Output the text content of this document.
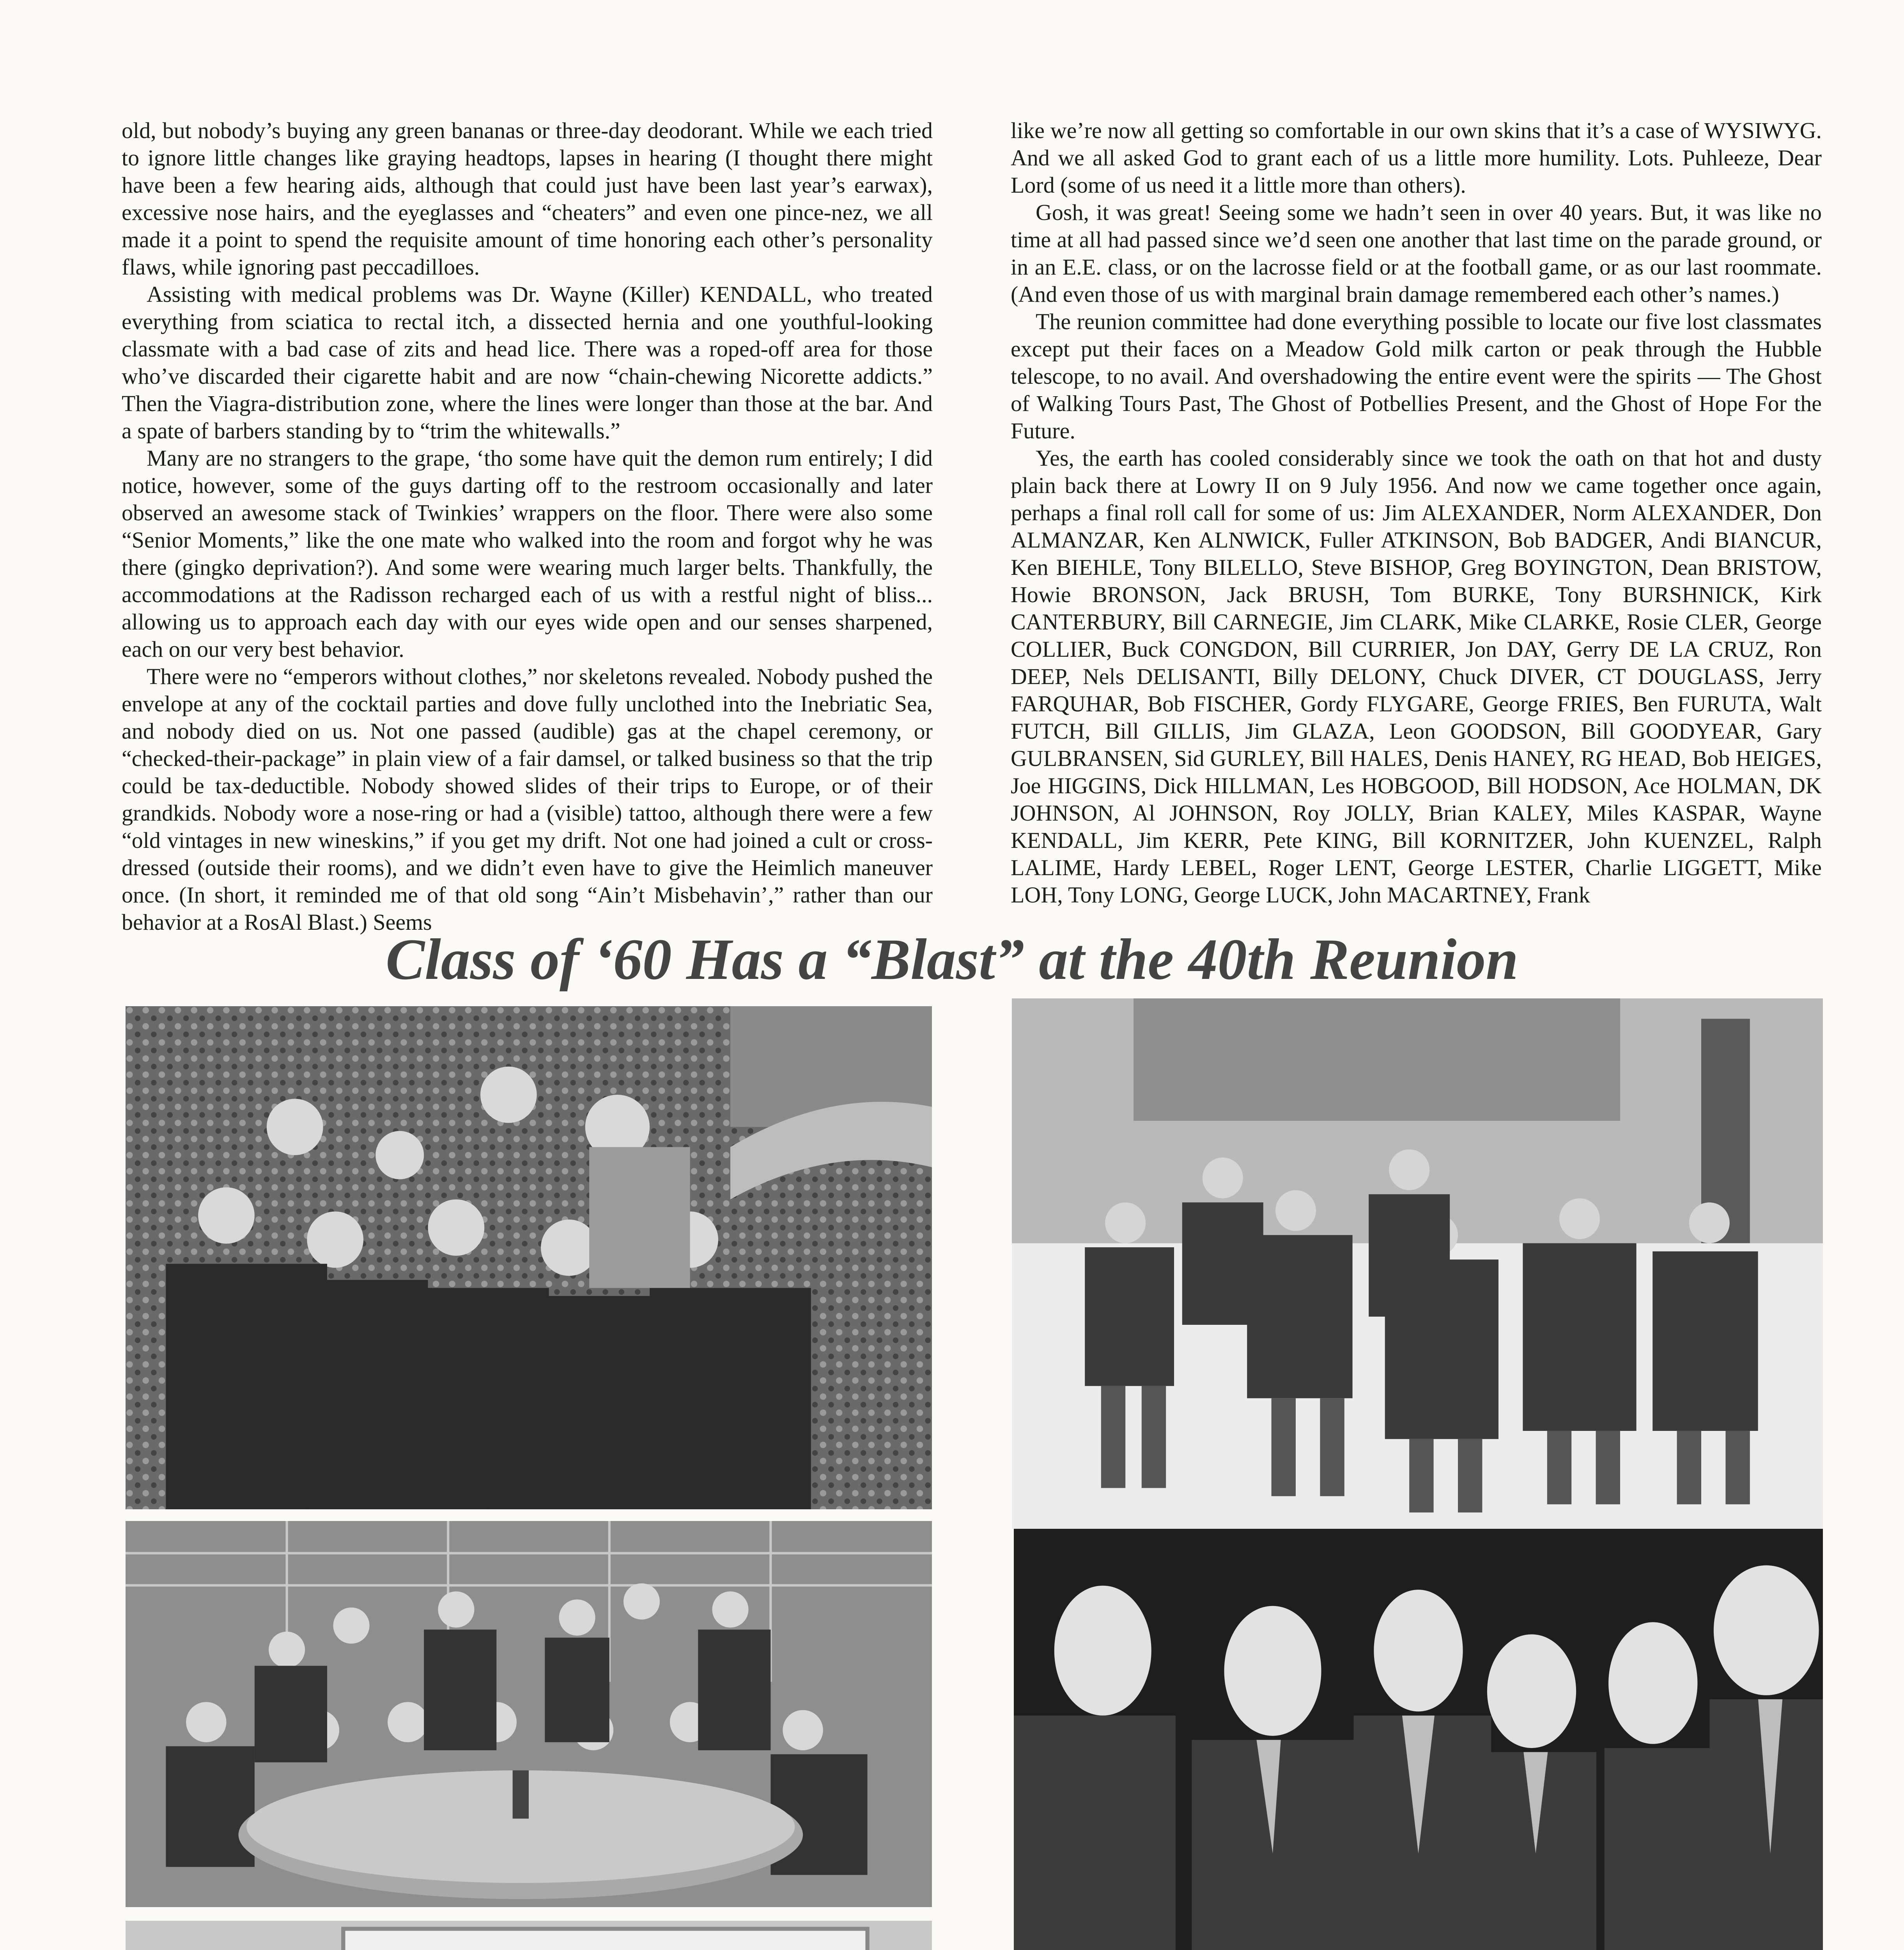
old, but nobody’s buying any green bananas or three-day deodorant. While we each tried to ignore little changes like graying headtops, lapses in hearing (I thought there might have been a few hearing aids, although that could just have been last year’s earwax), excessive nose hairs, and the eyeglasses and “cheaters” and even one pince-nez, we all made it a point to spend the requisite amount of time honoring each other’s personality flaws, while ignoring past peccadilloes.

Assisting with medical problems was Dr. Wayne (Killer) KENDALL, who treated everything from sciatica to rectal itch, a dissected hernia and one youthful-looking classmate with a bad case of zits and head lice. There was a roped-off area for those who’ve discarded their cigarette habit and are now “chain-chewing Nicorette addicts.” Then the Viagra-distribution zone, where the lines were longer than those at the bar. And a spate of barbers standing by to “trim the whitewalls.”

Many are no strangers to the grape, ‘tho some have quit the demon rum entirely; I did notice, however, some of the guys darting off to the restroom occasionally and later observed an awesome stack of Twinkies’ wrappers on the floor. There were also some “Senior Moments,” like the one mate who walked into the room and forgot why he was there (gingko deprivation?). And some were wearing much larger belts. Thankfully, the accommodations at the Radisson recharged each of us with a restful night of bliss... allowing us to approach each day with our eyes wide open and our senses sharpened, each on our very best behavior.

There were no “emperors without clothes,” nor skeletons revealed. Nobody pushed the envelope at any of the cocktail parties and dove fully unclothed into the Inebriatic Sea, and nobody died on us. Not one passed (audible) gas at the chapel ceremony, or “checked-their-package” in plain view of a fair damsel, or talked business so that the trip could be tax-deductible. Nobody showed slides of their trips to Europe, or of their grandkids. Nobody wore a nose-ring or had a (visible) tattoo, although there were a few “old vintages in new wineskins,” if you get my drift. Not one had joined a cult or cross-dressed (outside their rooms), and we didn’t even have to give the Heimlich maneuver once. (In short, it reminded me of that old song “Ain’t Misbehavin’,” rather than our behavior at a RosAl Blast.) Seems

like we’re now all getting so comfortable in our own skins that it’s a case of WYSIWYG. And we all asked God to grant each of us a little more humility. Lots. Puhleeze, Dear Lord (some of us need it a little more than others).

Gosh, it was great! Seeing some we hadn’t seen in over 40 years. But, it was like no time at all had passed since we’d seen one another that last time on the parade ground, or in an E.E. class, or on the lacrosse field or at the football game, or as our last roommate. (And even those of us with marginal brain damage remembered each other’s names.)

The reunion committee had done everything possible to locate our five lost classmates except put their faces on a Meadow Gold milk carton or peak through the Hubble telescope, to no avail. And overshadowing the entire event were the spirits — The Ghost of Walking Tours Past, The Ghost of Potbellies Present, and the Ghost of Hope For the Future.

Yes, the earth has cooled considerably since we took the oath on that hot and dusty plain back there at Lowry II on 9 July 1956. And now we came together once again, perhaps a final roll call for some of us: Jim ALEXANDER, Norm ALEXANDER, Don ALMANZAR, Ken ALNWICK, Fuller ATKINSON, Bob BADGER, Andi BIANCUR, Ken BIEHLE, Tony BILELLO, Steve BISHOP, Greg BOYINGTON, Dean BRISTOW, Howie BRONSON, Jack BRUSH, Tom BURKE, Tony BURSHNICK, Kirk CANTERBURY, Bill CARNEGIE, Jim CLARK, Mike CLARKE, Rosie CLER, George COLLIER, Buck CONGDON, Bill CURRIER, Jon DAY, Gerry DE LA CRUZ, Ron DEEP, Nels DELISANTI, Billy DELONY, Chuck DIVER, CT DOUGLASS, Jerry FARQUHAR, Bob FISCHER, Gordy FLYGARE, George FRIES, Ben FURUTA, Walt FUTCH, Bill GILLIS, Jim GLAZA, Leon GOODSON, Bill GOODYEAR, Gary GULBRANSEN, Sid GURLEY, Bill HALES, Denis HANEY, RG HEAD, Bob HEIGES, Joe HIGGINS, Dick HILLMAN, Les HOBGOOD, Bill HODSON, Ace HOLMAN, DK JOHNSON, Al JOHNSON, Roy JOLLY, Brian KALEY, Miles KASPAR, Wayne KENDALL, Jim KERR, Pete KING, Bill KORNITZER, John KUENZEL, Ralph LALIME, Hardy LEBEL, Roger LENT, George LESTER, Charlie LIGGETT, Mike LOH, Tony LONG, George LUCK, John MACARTNEY, Frank

Class of ‘60 Has a “Blast” at the 40th Reunion
